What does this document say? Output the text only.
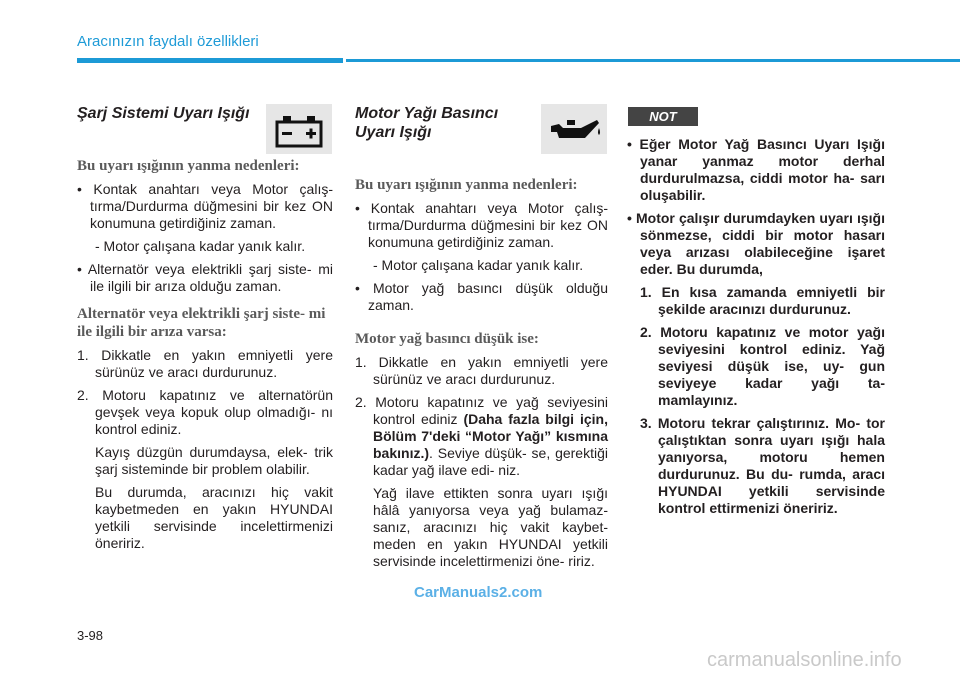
Aracınızın faydalı özellikleri
Şarj Sistemi Uyarı Işığı

Bu uyarı ışığının yanma nedenleri:

• Kontak anahtarı veya Motor çalış- tırma/Durdurma düğmesini bir kez ON konumuna getirdiğiniz zaman.

- Motor çalışana kadar yanık kalır.

• Alternatör veya elektrikli şarj siste- mi ile ilgili bir arıza olduğu zaman.

Alternatör veya elektrikli şarj siste- mi ile ilgili bir arıza varsa:

1. Dikkatle en yakın emniyetli yere sürünüz ve aracı durdurunuz.

2. Motoru kapatınız ve alternatörün gevşek veya kopuk olup olmadığı- nı kontrol ediniz.

Kayış düzgün durumdaysa, elek- trik şarj sisteminde bir problem olabilir.

Bu durumda, aracınızı hiç vakit kaybetmeden en yakın HYUNDAI yetkili servisinde incelettirmenizi öneririz.

Motor Yağı Basıncı
Uyarı Işığı

Bu uyarı ışığının yanma nedenleri:

• Kontak anahtarı veya Motor çalış- tırma/Durdurma düğmesini bir kez ON konumuna getirdiğiniz zaman.

- Motor çalışana kadar yanık kalır.

• Motor yağ basıncı düşük olduğu zaman.

Motor yağ basıncı düşük ise:

1. Dikkatle en yakın emniyetli yere sürünüz ve aracı durdurunuz.

2. Motoru kapatınız ve yağ seviyesini kontrol ediniz (Daha fazla bilgi için, Bölüm 7'deki “Motor Yağı” kısmına bakınız.). Seviye düşük- se, gerektiği kadar yağ ilave edi- niz.

Yağ ilave ettikten sonra uyarı ışığı hâlâ yanıyorsa veya yağ bulamaz- sanız, aracınızı hiç vakit kaybet- meden en yakın HYUNDAI yetkili servisinde incelettirmenizi öne- ririz.

NOT

• Eğer Motor Yağ Basıncı Uyarı Işığı yanar yanmaz motor derhal durdurulmazsa, ciddi motor ha- sarı oluşabilir.

• Motor çalışır durumdayken uyarı ışığı sönmezse, ciddi bir motor hasarı veya arızası olabileceğine işaret eder. Bu durumda,

1. En kısa zamanda emniyetli bir şekilde aracınızı durdurunuz.

2. Motoru kapatınız ve motor yağı seviyesini kontrol ediniz. Yağ seviyesi düşük ise, uy- gun seviyeye kadar yağı ta- mamlayınız.

3. Motoru tekrar çalıştırınız. Mo- tor çalıştıktan sonra uyarı ışığı hala yanıyorsa, motoru hemen durdurunuz. Bu du- rumda, aracı HYUNDAI yetkili servisinde kontrol ettirmenizi öneririz.

3-98
CarManuals2.com
carmanualsonline.info
